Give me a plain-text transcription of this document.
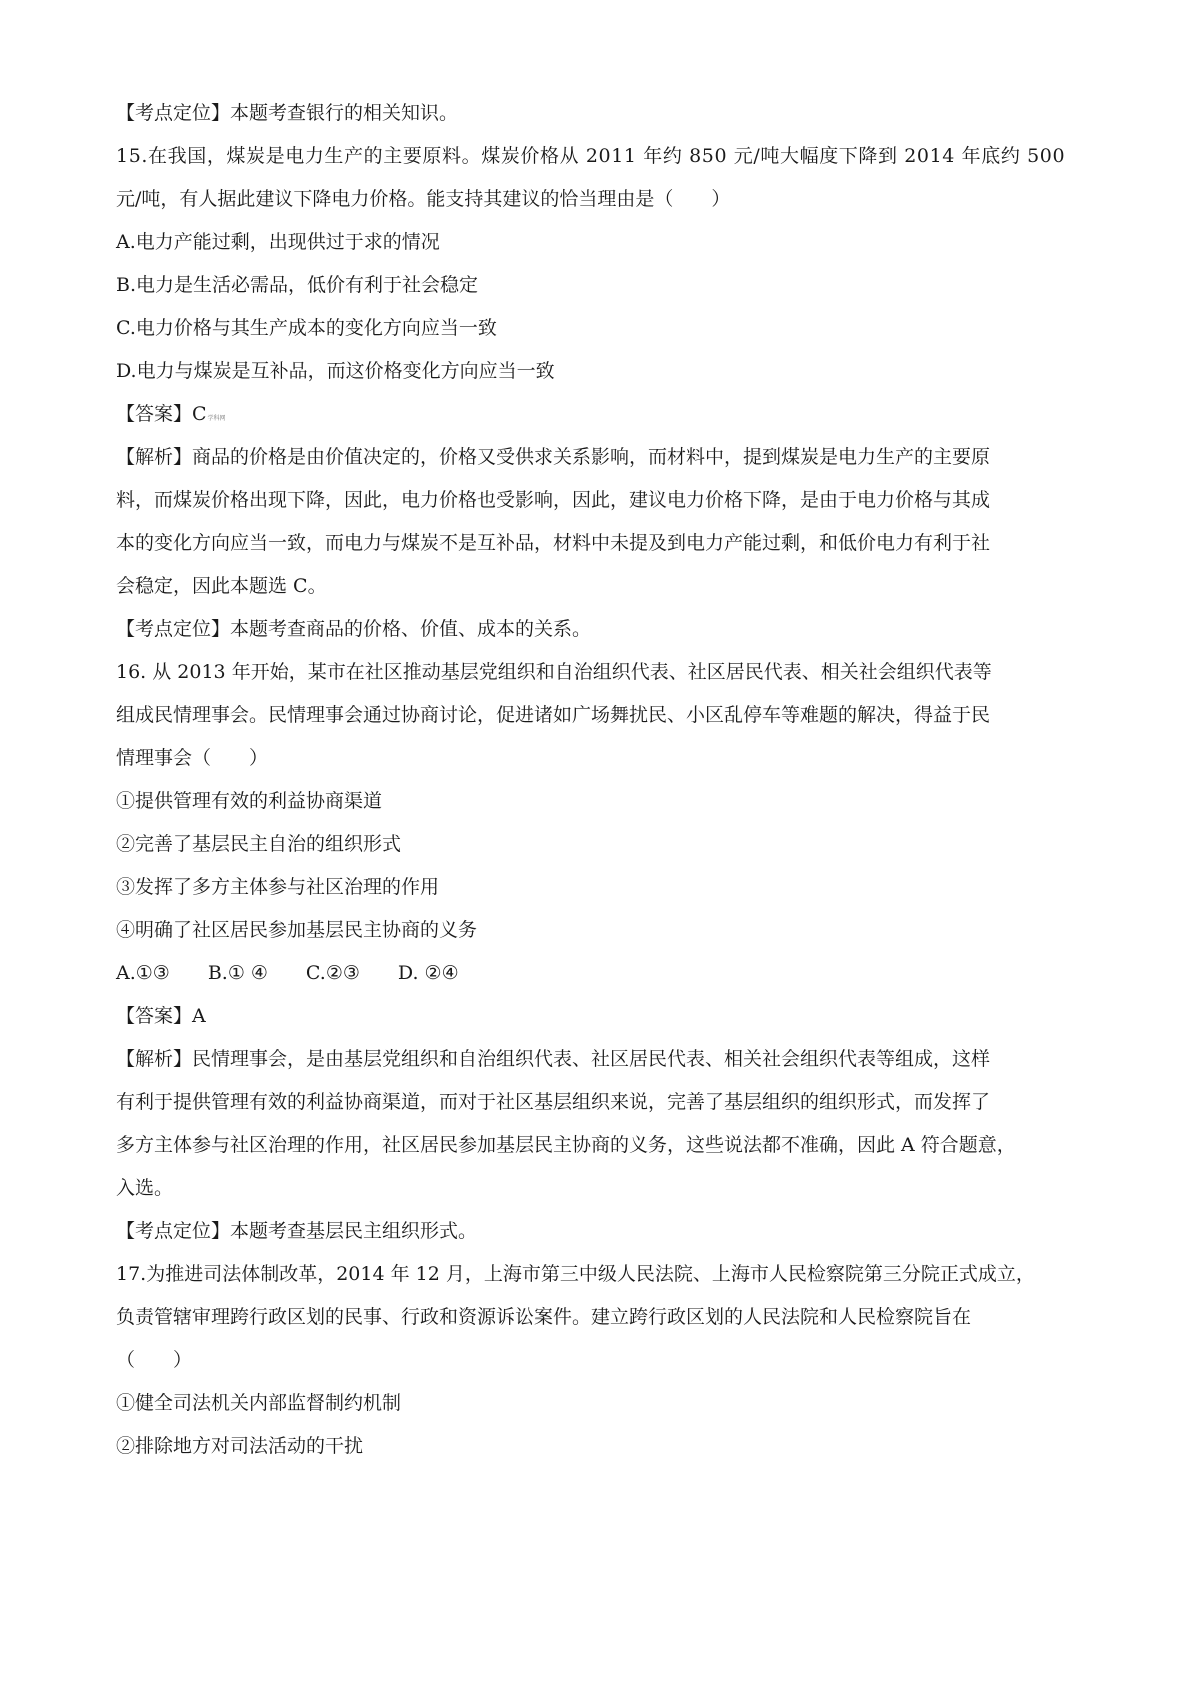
【考点定位】本题考查银行的相关知识。
15.在我国，煤炭是电力生产的主要原料。煤炭价格从 2011 年约 850 元/吨大幅度下降到 2014 年底约 500
元/吨，有人据此建议下降电力价格。能支持其建议的恰当理由是（　　）
A.电力产能过剩，出现供过于求的情况
B.电力是生活必需品，低价有利于社会稳定
C.电力价格与其生产成本的变化方向应当一致
D.电力与煤炭是互补品，而这价格变化方向应当一致
【答案】C学科网
【解析】商品的价格是由价值决定的，价格又受供求关系影响，而材料中，提到煤炭是电力生产的主要原
料，而煤炭价格出现下降，因此，电力价格也受影响，因此，建议电力价格下降，是由于电力价格与其成
本的变化方向应当一致，而电力与煤炭不是互补品，材料中未提及到电力产能过剩，和低价电力有利于社
会稳定，因此本题选 C。
【考点定位】本题考查商品的价格、价值、成本的关系。
16. 从 2013 年开始，某市在社区推动基层党组织和自治组织代表、社区居民代表、相关社会组织代表等
组成民情理事会。民情理事会通过协商讨论，促进诸如广场舞扰民、小区乱停车等难题的解决，得益于民
情理事会（　　）
①提供管理有效的利益协商渠道
②完善了基层民主自治的组织形式
③发挥了多方主体参与社区治理的作用
④明确了社区居民参加基层民主协商的义务
A.①③　　B.① ④　　C.②③　　D. ②④
【答案】A
【解析】民情理事会，是由基层党组织和自治组织代表、社区居民代表、相关社会组织代表等组成，这样
有利于提供管理有效的利益协商渠道，而对于社区基层组织来说，完善了基层组织的组织形式，而发挥了
多方主体参与社区治理的作用，社区居民参加基层民主协商的义务，这些说法都不准确，因此 A 符合题意，
入选。
【考点定位】本题考查基层民主组织形式。
17.为推进司法体制改革，2014 年 12 月，上海市第三中级人民法院、上海市人民检察院第三分院正式成立，
负责管辖审理跨行政区划的民事、行政和资源诉讼案件。建立跨行政区划的人民法院和人民检察院旨在
（　　）
①健全司法机关内部监督制约机制
②排除地方对司法活动的干扰
